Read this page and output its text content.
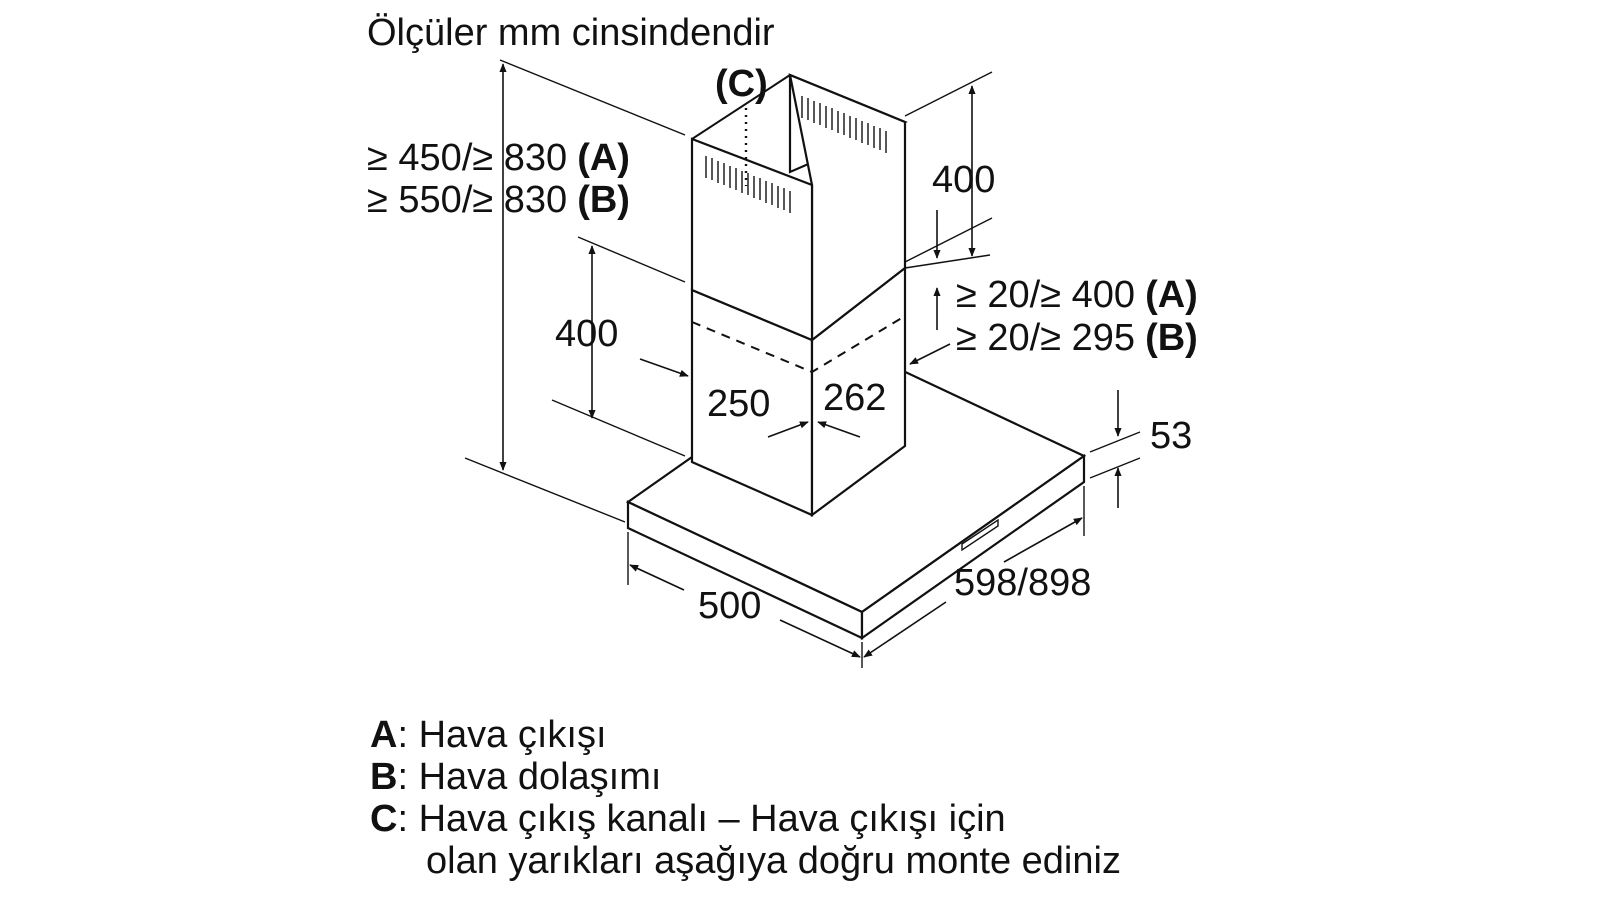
Ölçüler mm cinsindendir
(C)
≥ 450/≥ 830 (A)
≥ 550/≥ 830 (B)
400
400
≥ 20/≥ 400 (A)
≥ 20/≥ 295 (B)
250 262
53
500
598/898
A: Hava çıkışı
B: Hava dolaşımı
C: Hava çıkış kanalı – Hava çıkışı için
olan yarıkları aşağıya doğru monte ediniz
